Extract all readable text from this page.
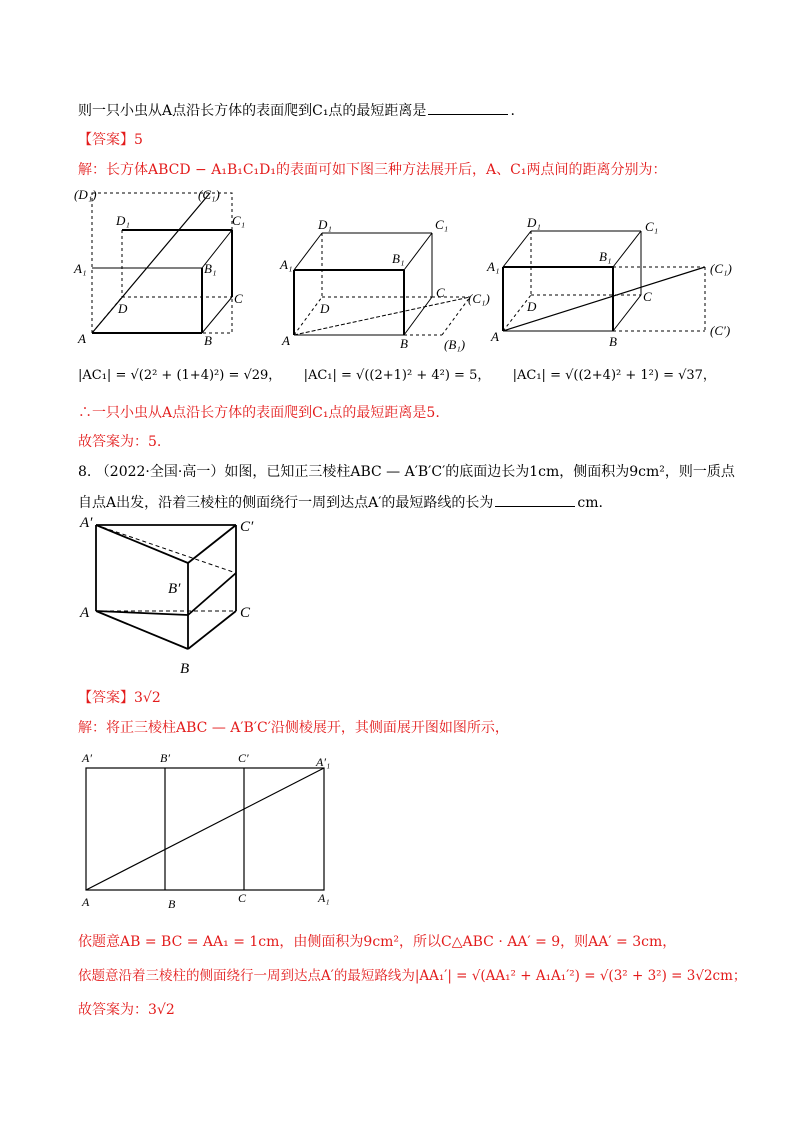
则一只小虫从A点沿长方体的表面爬到C₁点的最短距离是	.
【答案】5
解：长方体ABCD − A₁B₁C₁D₁的表面可如下图三种方法展开后，A、C₁两点间的距离分别为：
(D₁)	(C₁)
D₁	C₁
A₁	B₁
D
C
A	B
D₁	C₁
A₁	B₁
D
C (C₁)
A	B	(B₁)
D₁	C₁
A₁
B₁
(C₁)
D
C
A	B
(C′)
|AC₁| = √(2² + (1+4)²) = √29， |AC₁| = √((2+1)² + 4²) = 5， |AC₁| = √((2+4)² + 1²) = √37，
∴一只小虫从A点沿长方体的表面爬到C₁点的最短距离是5.
故答案为：5.
8. （2022·全国·高一）如图，已知正三棱柱ABC — A′B′C′的底面边长为1cm，侧面积为9cm²，则一质点
自点A出发，沿着三棱柱的侧面绕行一周到达点A′的最短路线的长为	cm.
A′	C′
B′
A	C
B
【答案】3√2
解：将正三棱柱ABC — A′B′C′沿侧棱展开，其侧面展开图如图所示，
A′	B′	C′	A′₁
A	B	C	A₁
依题意AB = BC = AA₁ = 1cm，由侧面积为9cm²，所以C△ABC · AA′ = 9，则AA′ = 3cm，
依题意沿着三棱柱的侧面绕行一周到达点A′的最短路线为|AA₁′| = √(AA₁² + A₁A₁′²) = √(3² + 3²) = 3√2cm；
故答案为：3√2
